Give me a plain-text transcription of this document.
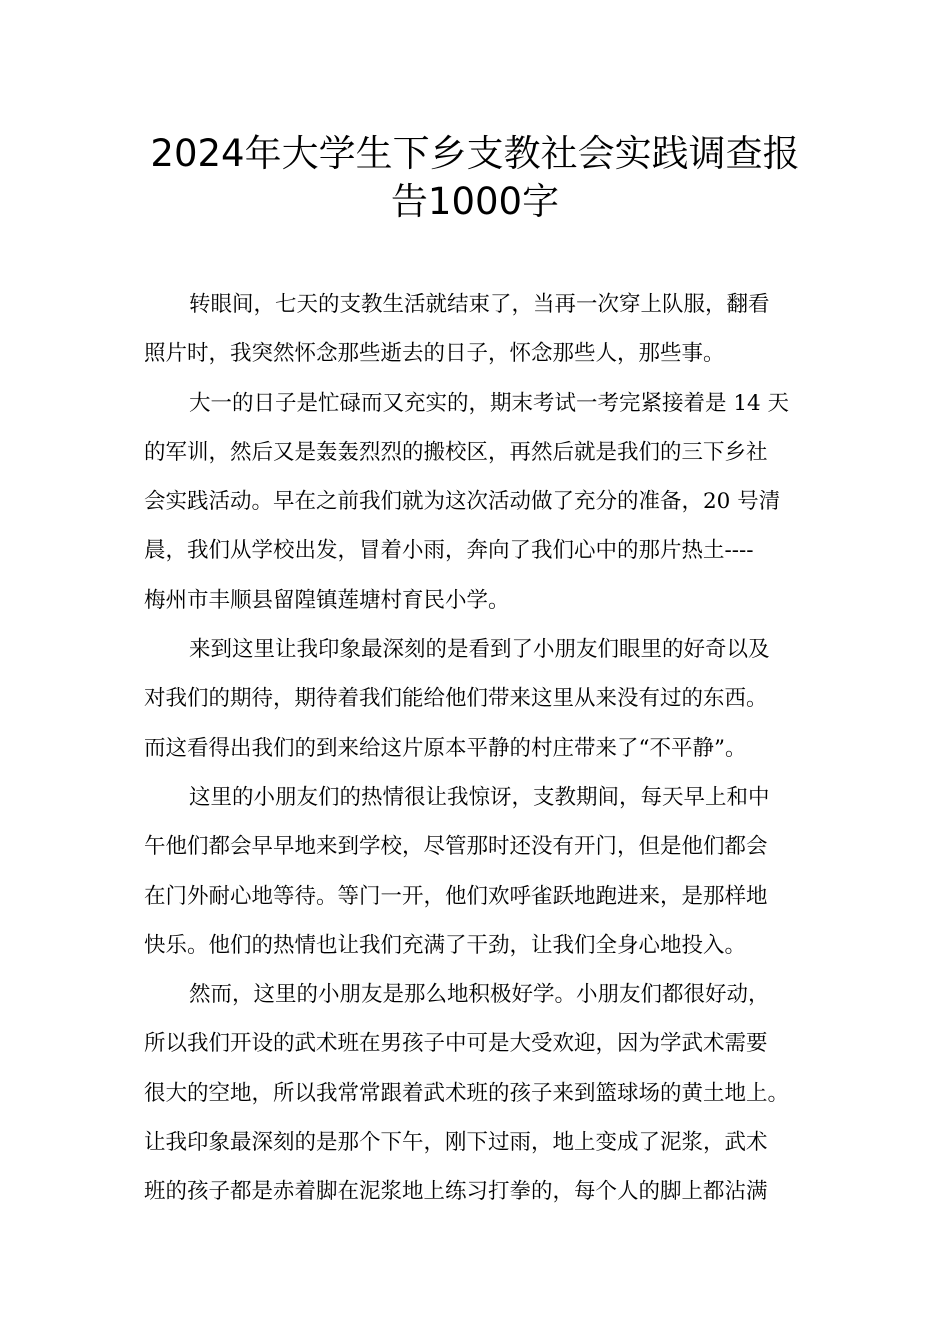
2024年大学生下乡支教社会实践调查报
告1000字

转眼间，七天的支教生活就结束了，当再一次穿上队服，翻看
照片时，我突然怀念那些逝去的日子，怀念那些人，那些事。

大一的日子是忙碌而又充实的，期末考试一考完紧接着是 14 天
的军训，然后又是轰轰烈烈的搬校区，再然后就是我们的三下乡社
会实践活动。早在之前我们就为这次活动做了充分的准备，20 号清
晨，我们从学校出发，冒着小雨，奔向了我们心中的那片热土----
梅州市丰顺县留隍镇莲塘村育民小学。

来到这里让我印象最深刻的是看到了小朋友们眼里的好奇以及
对我们的期待，期待着我们能给他们带来这里从来没有过的东西。
而这看得出我们的到来给这片原本平静的村庄带来了“不平静”。

这里的小朋友们的热情很让我惊讶，支教期间，每天早上和中
午他们都会早早地来到学校，尽管那时还没有开门，但是他们都会
在门外耐心地等待。等门一开，他们欢呼雀跃地跑进来，是那样地
快乐。他们的热情也让我们充满了干劲，让我们全身心地投入。

然而，这里的小朋友是那么地积极好学。小朋友们都很好动，
所以我们开设的武术班在男孩子中可是大受欢迎，因为学武术需要
很大的空地，所以我常常跟着武术班的孩子来到篮球场的黄土地上。
让我印象最深刻的是那个下午，刚下过雨，地上变成了泥浆，武术
班的孩子都是赤着脚在泥浆地上练习打拳的，每个人的脚上都沾满
